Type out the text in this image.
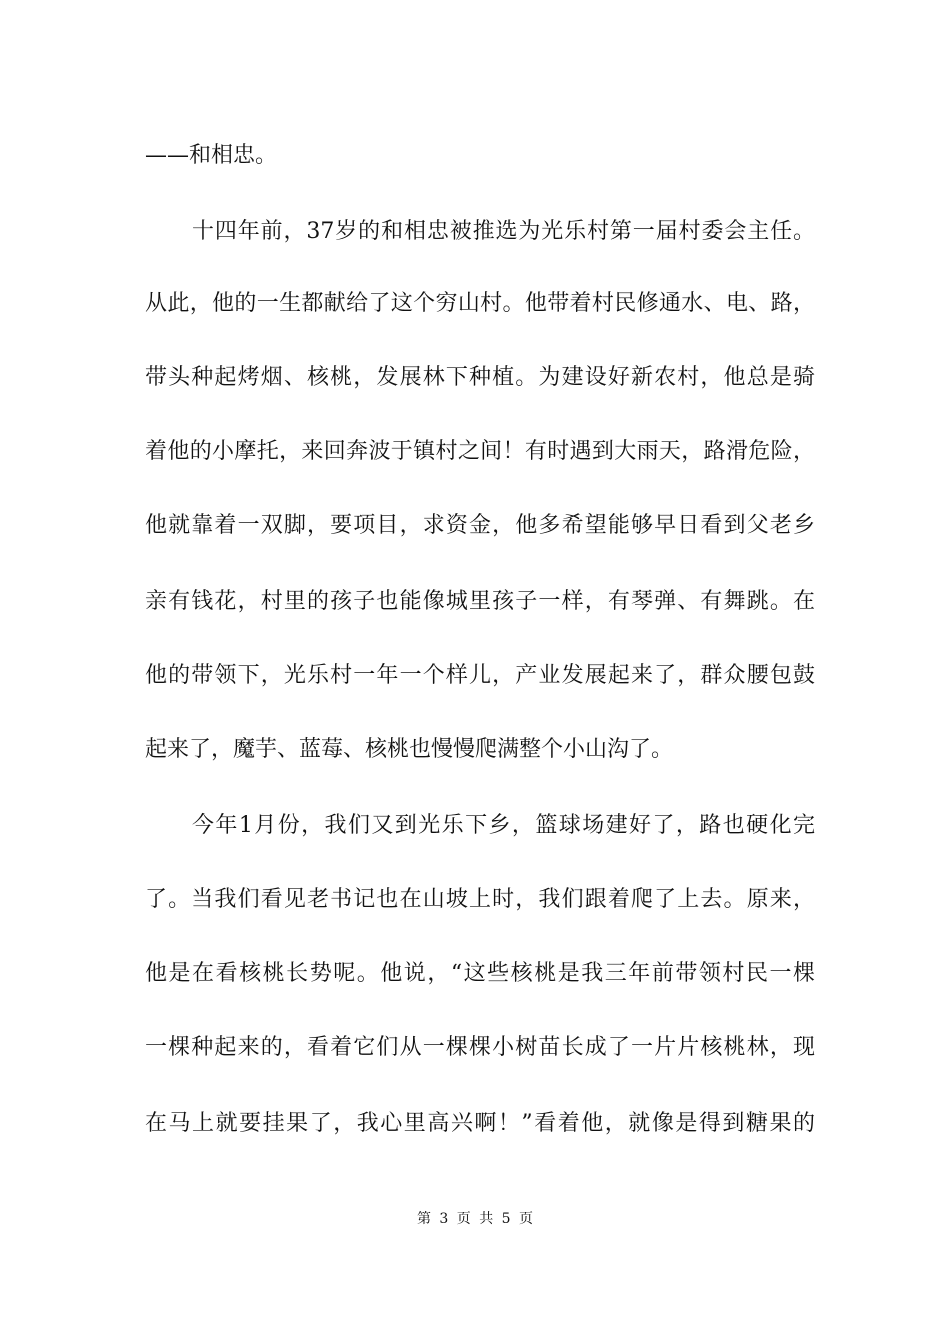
——和相忠。
十四年前，37岁的和相忠被推选为光乐村第一届村委会主任。
从此，他的一生都献给了这个穷山村。他带着村民修通水、电、路，
带头种起烤烟、核桃，发展林下种植。为建设好新农村，他总是骑
着他的小摩托，来回奔波于镇村之间！有时遇到大雨天，路滑危险，
他就靠着一双脚，要项目，求资金，他多希望能够早日看到父老乡
亲有钱花，村里的孩子也能像城里孩子一样，有琴弹、有舞跳。在
他的带领下，光乐村一年一个样儿，产业发展起来了，群众腰包鼓
起来了，魔芋、蓝莓、核桃也慢慢爬满整个小山沟了。
今年1月份，我们又到光乐下乡，篮球场建好了，路也硬化完
了。当我们看见老书记也在山坡上时，我们跟着爬了上去。原来，
他是在看核桃长势呢。他说，“这些核桃是我三年前带领村民一棵
一棵种起来的，看着它们从一棵棵小树苗长成了一片片核桃林，现
在马上就要挂果了，我心里高兴啊！”看着他，就像是得到糖果的
第 3 页 共 5 页
